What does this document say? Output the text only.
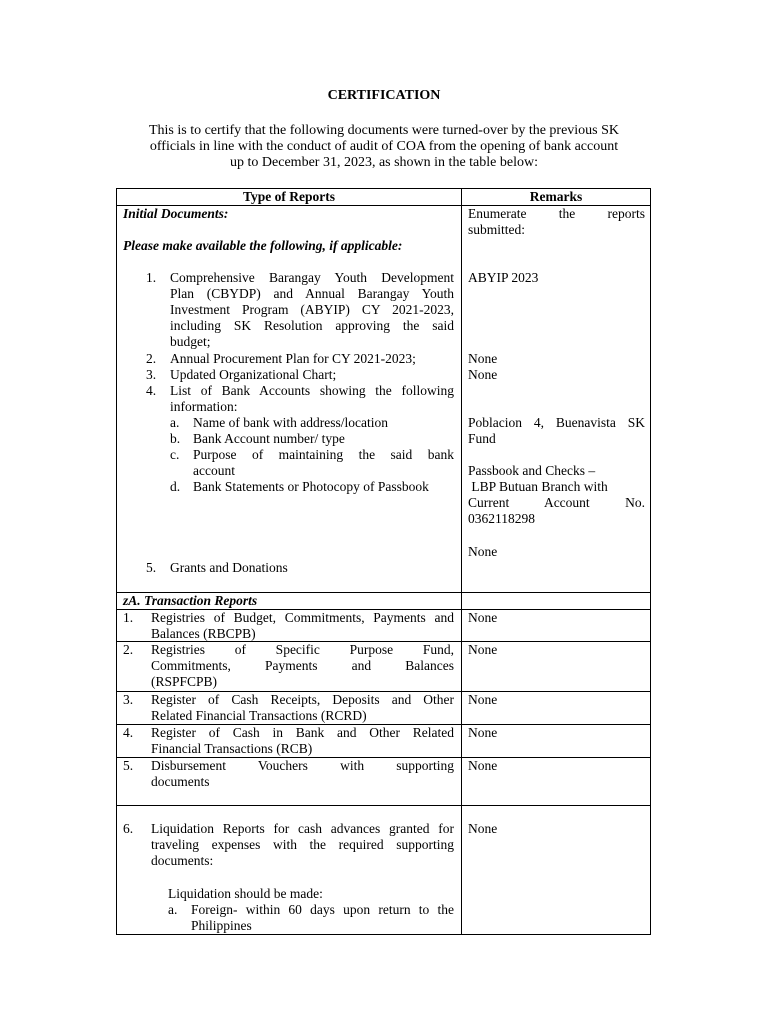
CERTIFICATION
This is to certify that the following documents were turned-over by the previous SK
officials in line with the conduct of audit of COA from the opening of bank account
up to December 31, 2023, as shown in the table below:
Type of Reports	Remarks
Initial Documents:
Please make available the following, if applicable:
1. Comprehensive Barangay Youth Development
Plan (CBYDP) and Annual Barangay Youth
Investment Program (ABYIP) CY 2021-2023,
including SK Resolution approving the said
budget;
2. Annual Procurement Plan for CY 2021-2023;
3. Updated Organizational Chart;
4. List of Bank Accounts showing the following
information:
a. Name of bank with address/location
b. Bank Account number/ type
c. Purpose of maintaining the said bank
account
d. Bank Statements or Photocopy of Passbook
5. Grants and Donations
Enumerate the reports
submitted:
ABYIP 2023
None
None
Poblacion 4, Buenavista SK
Fund
Passbook and Checks –
LBP Butuan Branch with
Current Account No.
0362118298
None
zA. Transaction Reports
1. Registries of Budget, Commitments, Payments and
Balances (RBCPB)
None
2. Registries of Specific Purpose Fund,
Commitments, Payments and Balances
(RSPFCPB)
None
3. Register of Cash Receipts, Deposits and Other
Related Financial Transactions (RCRD)
None
4. Register of Cash in Bank and Other Related
Financial Transactions (RCB)
None
5. Disbursement Vouchers with supporting
documents
None
6. Liquidation Reports for cash advances granted for
traveling expenses with the required supporting
documents:
None
Liquidation should be made:
a. Foreign- within 60 days upon return to the
Philippines
